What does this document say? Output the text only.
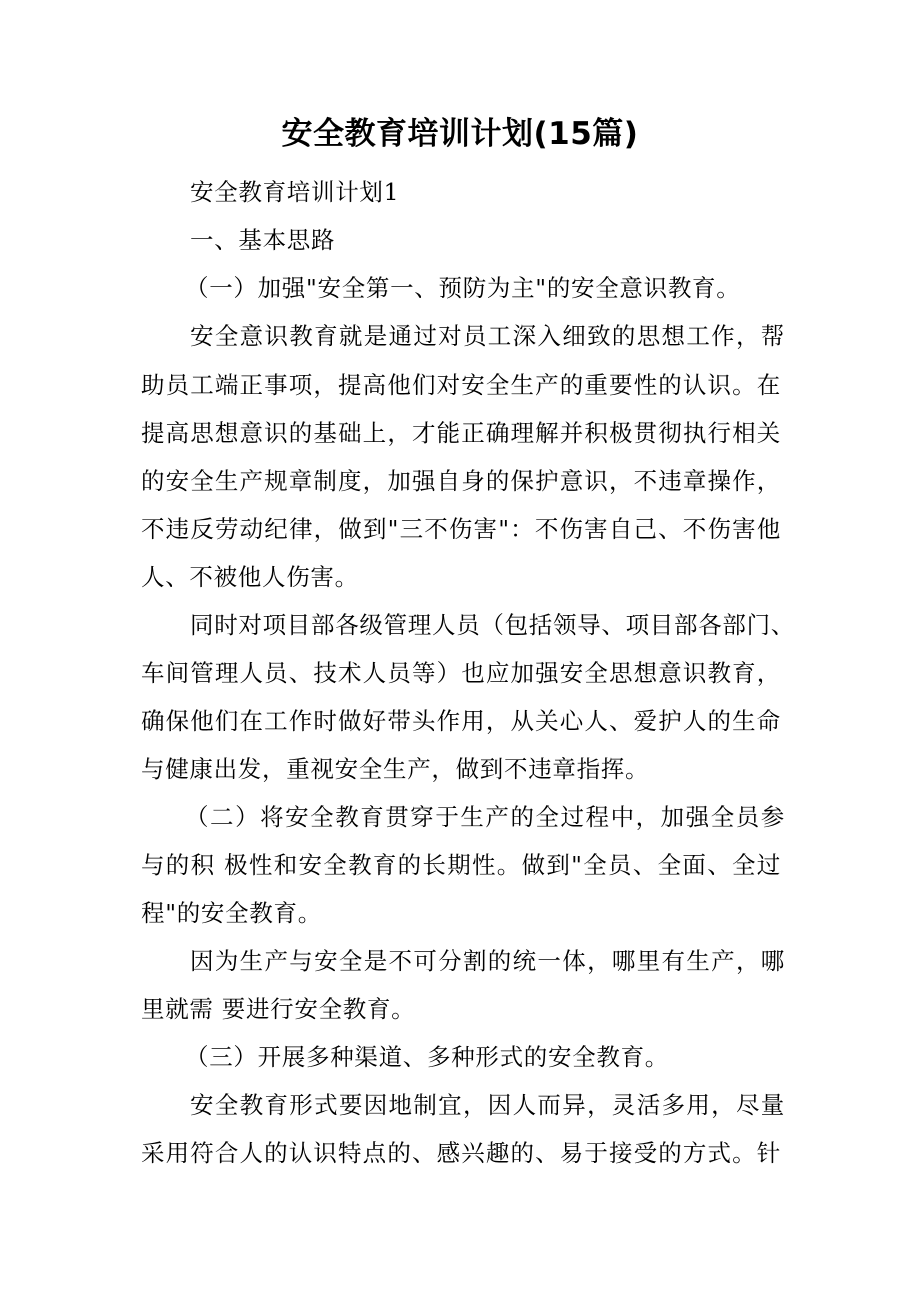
安全教育培训计划(15篇)
安全教育培训计划1
一、基本思路
（一）加强"安全第一、预防为主"的安全意识教育。
安全意识教育就是通过对员工深入细致的思想工作，帮
助员工端正事项，提高他们对安全生产的重要性的认识。在
提高思想意识的基础上，才能正确理解并积极贯彻执行相关
的安全生产规章制度，加强自身的保护意识，不违章操作，
不违反劳动纪律，做到"三不伤害"：不伤害自己、不伤害他
人、不被他人伤害。
同时对项目部各级管理人员（包括领导、项目部各部门、
车间管理人员、技术人员等）也应加强安全思想意识教育，
确保他们在工作时做好带头作用，从关心人、爱护人的生命
与健康出发，重视安全生产，做到不违章指挥。
（二）将安全教育贯穿于生产的全过程中，加强全员参
与的积 极性和安全教育的长期性。做到"全员、全面、全过
程"的安全教育。
因为生产与安全是不可分割的统一体，哪里有生产，哪
里就需 要进行安全教育。
（三）开展多种渠道、多种形式的安全教育。
安全教育形式要因地制宜，因人而异，灵活多用，尽量
采用符合人的认识特点的、感兴趣的、易于接受的方式。针
